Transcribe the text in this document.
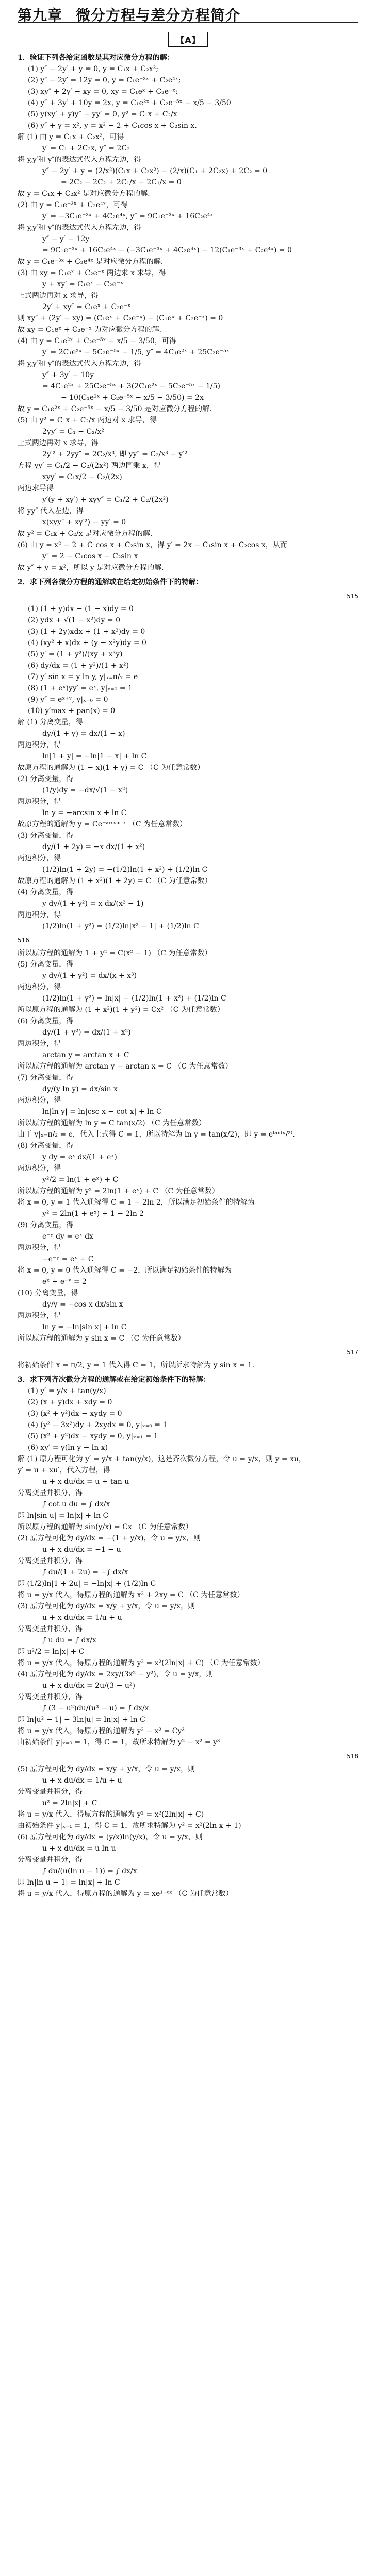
第九章 微分方程与差分方程简介
【A】
1．验证下列各给定函数是其对应微分方程的解：
(1) y″ − 2y′ + y = 0, y = C₁x + C₂x²;
(2) y″ − 2y′ = 12y = 0, y = C₁e⁻³ˣ + C₂e⁴ˣ;
(3) xy″ + 2y′ − xy = 0, xy = C₁eˣ + C₂e⁻ˣ;
(4) y″ + 3y′ + 10y = 2x, y = C₁e²ˣ + C₂e⁻⁵ˣ − x/5 − 3/50
(5) y(xy′ + y)y″ − yy′ = 0, y² = C₁x + C₂/x
(6) y″ + y = x², y = x² − 2 + C₁cos x + C₂sin x.
解 (1) 由 y = C₁x + C₂x²，可得
y′ = C₁ + 2C₂x, y″ = 2C₂
将 y,y′和 y″的表达式代入方程左边，得
y″ − 2y′ + y = (2/x²)(C₁x + C₂x²) − (2/x)(C₁ + 2C₂x) + 2C₂ = 0
= 2C₂ − 2C₂ + 2C₁/x − 2C₁/x = 0
故 y = C₁x + C₂x² 是对应微分方程的解.
(2) 由 y = C₁e⁻³ˣ + C₂e⁴ˣ，可得
y′ = −3C₁e⁻³ˣ + 4C₂e⁴ˣ, y″ = 9C₁e⁻³ˣ + 16C₂e⁴ˣ
将 y,y′和 y″的表达式代入方程左边，得
y″ − y′ − 12y
= 9C₁e⁻³ˣ + 16C₂e⁴ˣ − (−3C₁e⁻³ˣ + 4C₂e⁴ˣ) − 12(C₁e⁻³ˣ + C₂e⁴ˣ) = 0
故 y = C₁e⁻³ˣ + C₂e⁴ˣ 是对应微分方程的解.
(3) 由 xy = C₁eˣ + C₂e⁻ˣ 两边求 x 求导，得
y + xy′ = C₁eˣ − C₂e⁻ˣ
上式两边再对 x 求导，得
2y′ + xy″ = C₁eˣ + C₂e⁻ˣ
则 xy″ + (2y′ − xy) = (C₁eˣ + C₂e⁻ˣ) − (C₁eˣ + C₂e⁻ˣ) = 0
故 xy = C₁eˣ + C₂e⁻ˣ 为对应微分方程的解.
(4) 由 y = C₁e²ˣ + C₂e⁻⁵ˣ − x/5 − 3/50，可得
y′ = 2C₁e²ˣ − 5C₂e⁻⁵ˣ − 1/5, y″ = 4C₁e²ˣ + 25C₂e⁻⁵ˣ
将 y,y′和 y″的表达式代入方程左边，得
y″ + 3y′ − 10y
= 4C₁e²ˣ + 25C₂e⁻⁵ˣ + 3(2C₁e²ˣ − 5C₂e⁻⁵ˣ − 1/5)
− 10(C₁e²ˣ + C₂e⁻⁵ˣ − x/5 − 3/50) = 2x
故 y = C₁e²ˣ + C₂e⁻⁵ˣ − x/5 − 3/50 是对应微分方程的解.
(5) 由 y² = C₁x + C₂/x 两边对 x 求导，得
2yy′ = C₁ − C₂/x²
上式两边再对 x 求导，得
2y′² + 2yy″ = 2C₂/x³, 即 yy″ = C₂/x³ − y′²
方程 yy′ = C₁/2 − C₂/(2x²) 两边同乘 x，得
xyy′ = C₁x/2 − C₂/(2x)
两边求导得
y′(y + xy′) + xyy″ = C₁/2 + C₂/(2x²)
将 yy″ 代入左边，得
x(xyy″ + xy′²) − yy′ = 0
故 y² = C₁x + C₂/x 是对应微分方程的解.
(6) 由 y = x² − 2 + C₁cos x + C₂sin x，得 y′ = 2x − C₁sin x + C₂cos x，从而
y″ = 2 − C₁cos x − C₂sin x
故 y″ + y = x²，所以 y 是对应微分方程的解.
2．求下列各微分方程的通解或在给定初始条件下的特解：
515
(1) (1 + y)dx − (1 − x)dy = 0
(2) ydx + √(1 − x²)dy = 0
(3) (1 + 2y)xdx + (1 + x²)dy = 0
(4) (xy² + x)dx + (y − x²y)dy = 0
(5) y′ = (1 + y²)/(xy + x³y)
(6) dy/dx = (1 + y²)/(1 + x²)
(7) y′ sin x = y ln y, y|ₓ₌π/₂ = e
(8) (1 + eˣ)yy′ = eˣ, y|ₓ₌₀ = 1
(9) y″ = eˣ⁺ʸ, y|ₓ₌₀ = 0
(10) y′max + pan(x) = 0
解 (1) 分离变量，得
dy/(1 + y) = dx/(1 − x)
两边积分，得
ln|1 + y| = −ln|1 − x| + ln C
故原方程的通解为 (1 − x)(1 + y) = C （C 为任意常数）
(2) 分离变量，得
(1/y)dy = −dx/√(1 − x²)
两边积分，得
ln y = −arcsin x + ln C
故原方程的通解为 y = Ce⁻ᵃʳᶜˢⁱⁿ ˣ （C 为任意常数）
(3) 分离变量，得
dy/(1 + 2y) = −x dx/(1 + x²)
两边积分，得
(1/2)ln(1 + 2y) = −(1/2)ln(1 + x²) + (1/2)ln C
故原方程的通解为 (1 + x²)(1 + 2y) = C （C 为任意常数）
(4) 分离变量，得
y dy/(1 + y²) = x dx/(x² − 1)
两边积分，得
(1/2)ln(1 + y²) = (1/2)ln|x² − 1| + (1/2)ln C
516
所以原方程的通解为 1 + y² = C(x² − 1) （C 为任意常数）
(5) 分离变量，得
y dy/(1 + y²) = dx/(x + x³)
两边积分，得
(1/2)ln(1 + y²) = ln|x| − (1/2)ln(1 + x²) + (1/2)ln C
所以原方程的通解为 (1 + x²)(1 + y²) = Cx² （C 为任意常数）
(6) 分离变量，得
dy/(1 + y²) = dx/(1 + x²)
两边积分，得
arctan y = arctan x + C
所以原方程的通解为 arctan y − arctan x = C （C 为任意常数）
(7) 分离变量，得
dy/(y ln y) = dx/sin x
两边积分，得
ln|ln y| = ln|csc x − cot x| + ln C
所以原方程的通解为 ln y = C tan(x/2) （C 为任意常数）
由于 y|ₓ₌π/₂ = e，代入上式得 C = 1，所以特解为 ln y = tan(x/2)，即 y = eᵗᵃⁿ⁽ˣ/²⁾.
(8) 分离变量，得
y dy = eˣ dx/(1 + eˣ)
两边积分，得
y²/2 = ln(1 + eˣ) + C
所以原方程的通解为 y² = 2ln(1 + eˣ) + C （C 为任意常数）
将 x = 0, y = 1 代入通解得 C = 1 − 2ln 2，所以满足初始条件的特解为
y² = 2ln(1 + eˣ) + 1 − 2ln 2
(9) 分离变量，得
e⁻ʸ dy = eˣ dx
两边积分，得
−e⁻ʸ = eˣ + C
将 x = 0, y = 0 代入通解得 C = −2，所以满足初始条件的特解为
eˣ + e⁻ʸ = 2
(10) 分离变量，得
dy/y = −cos x dx/sin x
两边积分，得
ln y = −ln|sin x| + ln C
所以原方程的通解为 y sin x = C （C 为任意常数）
517
将初始条件 x = π/2, y = 1 代入得 C = 1，所以所求特解为 y sin x = 1.
3．求下列齐次微分方程的通解或在给定初始条件下的特解：
(1) y′ = y/x + tan(y/x)
(2) (x + y)dx + xdy = 0
(3) (x² + y²)dx − xydy = 0
(4) (y² − 3x²)dy + 2xydx = 0, y|ₓ₌₀ = 1
(5) (x² + y²)dx − xydy = 0, y|ₓ₌₁ = 1
(6) xy′ = y(ln y − ln x)
解 (1) 原方程可化为 y′ = y/x + tan(y/x)，这是齐次微分方程，令 u = y/x，则 y = xu，
y′ = u + xu′，代入方程，得
u + x du/dx = u + tan u
分离变量并积分，得
∫ cot u du = ∫ dx/x
即 ln|sin u| = ln|x| + ln C
所以原方程的通解为 sin(y/x) = Cx （C 为任意常数）
(2) 原方程可化为 dy/dx = −(1 + y/x)，令 u = y/x，则
u + x du/dx = −1 − u
分离变量并积分，得
∫ du/(1 + 2u) = −∫ dx/x
即 (1/2)ln|1 + 2u| = −ln|x| + (1/2)ln C
将 u = y/x 代入，得原方程的通解为 x² + 2xy = C （C 为任意常数）
(3) 原方程可化为 dy/dx = x/y + y/x，令 u = y/x，则
u + x du/dx = 1/u + u
分离变量并积分，得
∫ u du = ∫ dx/x
即 u²/2 = ln|x| + C
将 u = y/x 代入，得原方程的通解为 y² = x²(2ln|x| + C) （C 为任意常数）
(4) 原方程可化为 dy/dx = 2xy/(3x² − y²)，令 u = y/x，则
u + x du/dx = 2u/(3 − u²)
分离变量并积分，得
∫ (3 − u²)du/(u³ − u) = ∫ dx/x
即 ln|u² − 1| − 3ln|u| = ln|x| + ln C
将 u = y/x 代入，得原方程的通解为 y² − x² = Cy³
由初始条件 y|ₓ₌₀ = 1，得 C = 1，故所求特解为 y² − x² = y³
518
(5) 原方程可化为 dy/dx = x/y + y/x，令 u = y/x，则
u + x du/dx = 1/u + u
分离变量并积分，得
u² = 2ln|x| + C
将 u = y/x 代入，得原方程的通解为 y² = x²(2ln|x| + C)
由初始条件 y|ₓ₌₁ = 1，得 C = 1，故所求特解为 y² = x²(2ln x + 1)
(6) 原方程可化为 dy/dx = (y/x)ln(y/x)，令 u = y/x，则
u + x du/dx = u ln u
分离变量并积分，得
∫ du/(u(ln u − 1)) = ∫ dx/x
即 ln|ln u − 1| = ln|x| + ln C
将 u = y/x 代入，得原方程的通解为 y = xe¹⁺ᶜˣ （C 为任意常数）
